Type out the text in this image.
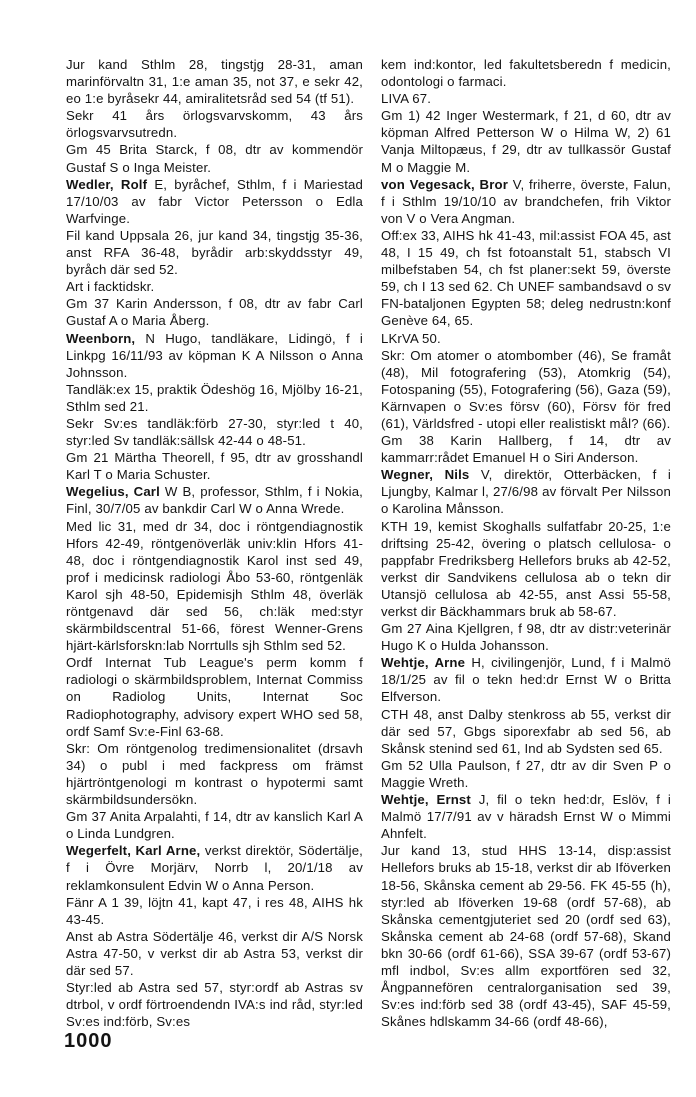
Jur kand Sthlm 28, tingstjg 28-31, aman marinförvaltn 31, 1:e aman 35, not 37, e sekr 42, eo 1:e byråsekr 44, amiralitetsråd sed 54 (tf 51).

Sekr 41 års örlogsvarvskomm, 43 års örlogsvarvsutredn.

Gm 45 Brita Starck, f 08, dtr av kommendör Gustaf S o Inga Meister.

Wedler, Rolf E, byråchef, Sthlm, f i Mariestad 17/10/03 av fabr Victor Petersson o Edla Warfvinge.

Fil kand Uppsala 26, jur kand 34, tingstjg 35-36, anst RFA 36-48, byrådir arb:skyddsstyr 49, byråch där sed 52.

Art i facktidskr.

Gm 37 Karin Andersson, f 08, dtr av fabr Carl Gustaf A o Maria Åberg.

Weenborn, N Hugo, tandläkare, Lidingö, f i Linkpg 16/11/93 av köpman K A Nilsson o Anna Johnsson.

Tandläk:ex 15, praktik Ödeshög 16, Mjölby 16-21, Sthlm sed 21.

Sekr Sv:es tandläk:förb 27-30, styr:led t 40, styr:led Sv tandläk:sällsk 42-44 o 48-51.

Gm 21 Märtha Theorell, f 95, dtr av grosshandl Karl T o Maria Schuster.

Wegelius, Carl W B, professor, Sthlm, f i Nokia, Finl, 30/7/05 av bankdir Carl W o Anna Wrede.

Med lic 31, med dr 34, doc i röntgendiagnostik Hfors 42-49, röntgenöverläk univ:klin Hfors 41-48, doc i röntgendiagnostik Karol inst sed 49, prof i medicinsk radiologi Åbo 53-60, röntgenläk Karol sjh 48-50, Epidemisjh Sthlm 48, överläk röntgenavd där sed 56, ch:läk med:styr skärmbildscentral 51-66, förest Wenner-Grens hjärt-kärlsforskn:lab Norrtulls sjh Sthlm sed 52.

Ordf Internat Tub League's perm komm f radiologi o skärmbildsproblem, Internat Commiss on Radiolog Units, Internat Soc Radiophotography, advisory expert WHO sed 58, ordf Samf Sv:e-Finl 63-68.

Skr: Om röntgenolog tredimensionalitet (drsavh 34) o publ i med fackpress om främst hjärtröntgenologi m kontrast o hypotermi samt skärmbildsundersökn.

Gm 37 Anita Arpalahti, f 14, dtr av kanslich Karl A o Linda Lundgren.

Wegerfelt, Karl Arne, verkst direktör, Södertälje, f i Övre Morjärv, Norrb l, 20/1/18 av reklamkonsulent Edvin W o Anna Person.

Fänr A 1 39, löjtn 41, kapt 47, i res 48, AIHS hk 43-45.

Anst ab Astra Södertälje 46, verkst dir A/S Norsk Astra 47-50, v verkst dir ab Astra 53, verkst dir där sed 57.

Styr:led ab Astra sed 57, styr:ordf ab Astras sv dtrbol, v ordf förtroendendn IVA:s ind råd, styr:led Sv:es ind:förb, Sv:es

kem ind:kontor, led fakultetsberedn f medicin, odontologi o farmaci.

LIVA 67.

Gm 1) 42 Inger Westermark, f 21, d 60, dtr av köpman Alfred Petterson W o Hilma W, 2) 61 Vanja Miltopæus, f 29, dtr av tullkassör Gustaf M o Maggie M.

von Vegesack, Bror V, friherre, överste, Falun, f i Sthlm 19/10/10 av brandchefen, frih Viktor von V o Vera Angman.

Off:ex 33, AIHS hk 41-43, mil:assist FOA 45, ast 48, I 15 49, ch fst fotoanstalt 51, stabsch VI milbefstaben 54, ch fst planer:sekt 59, överste 59, ch I 13 sed 62. Ch UNEF sambandsavd o sv FN-bataljonen Egypten 58; deleg nedrustn:konf Genève 64, 65.

LKrVA 50.

Skr: Om atomer o atombomber (46), Se framåt (48), Mil fotografering (53), Atomkrig (54), Fotospaning (55), Fotografering (56), Gaza (59), Kärnvapen o Sv:es försv (60), Försv för fred (61), Världsfred - utopi eller realistiskt mål? (66).

Gm 38 Karin Hallberg, f 14, dtr av kammarr:rådet Emanuel H o Siri Anderson.

Wegner, Nils V, direktör, Otterbäcken, f i Ljungby, Kalmar l, 27/6/98 av förvalt Per Nilsson o Karolina Månsson.

KTH 19, kemist Skoghalls sulfatfabr 20-25, 1:e driftsing 25-42, övering o platsch cellulosa- o pappfabr Fredriksberg Hellefors bruks ab 42-52, verkst dir Sandvikens cellulosa ab o tekn dir Utansjö cellulosa ab 42-55, anst Assi 55-58, verkst dir Bäckhammars bruk ab 58-67.

Gm 27 Aina Kjellgren, f 98, dtr av distr:veterinär Hugo K o Hulda Johansson.

Wehtje, Arne H, civilingenjör, Lund, f i Malmö 18/1/25 av fil o tekn hed:dr Ernst W o Britta Elfverson.

CTH 48, anst Dalby stenkross ab 55, verkst dir där sed 57, Gbgs siporexfabr ab sed 56, ab Skånsk stenind sed 61, Ind ab Sydsten sed 65.

Gm 52 Ulla Paulson, f 27, dtr av dir Sven P o Maggie Wreth.

Wehtje, Ernst J, fil o tekn hed:dr, Eslöv, f i Malmö 17/7/91 av v häradsh Ernst W o Mimmi Ahnfelt.

Jur kand 13, stud HHS 13-14, disp:assist Hellefors bruks ab 15-18, verkst dir ab Iföverken 18-56, Skånska cement ab 29-56. FK 45-55 (h), styr:led ab Iföverken 19-68 (ordf 57-68), ab Skånska cementgjuteriet sed 20 (ordf sed 63), Skånska cement ab 24-68 (ordf 57-68), Skand bkn 30-66 (ordf 61-66), SSA 39-67 (ordf 53-67) mfl indbol, Sv:es allm exportfören sed 32, Ångpannefören centralorganisation sed 39, Sv:es ind:förb sed 38 (ordf 43-45), SAF 45-59, Skånes hdlskamm 34-66 (ordf 48-66),

1000
